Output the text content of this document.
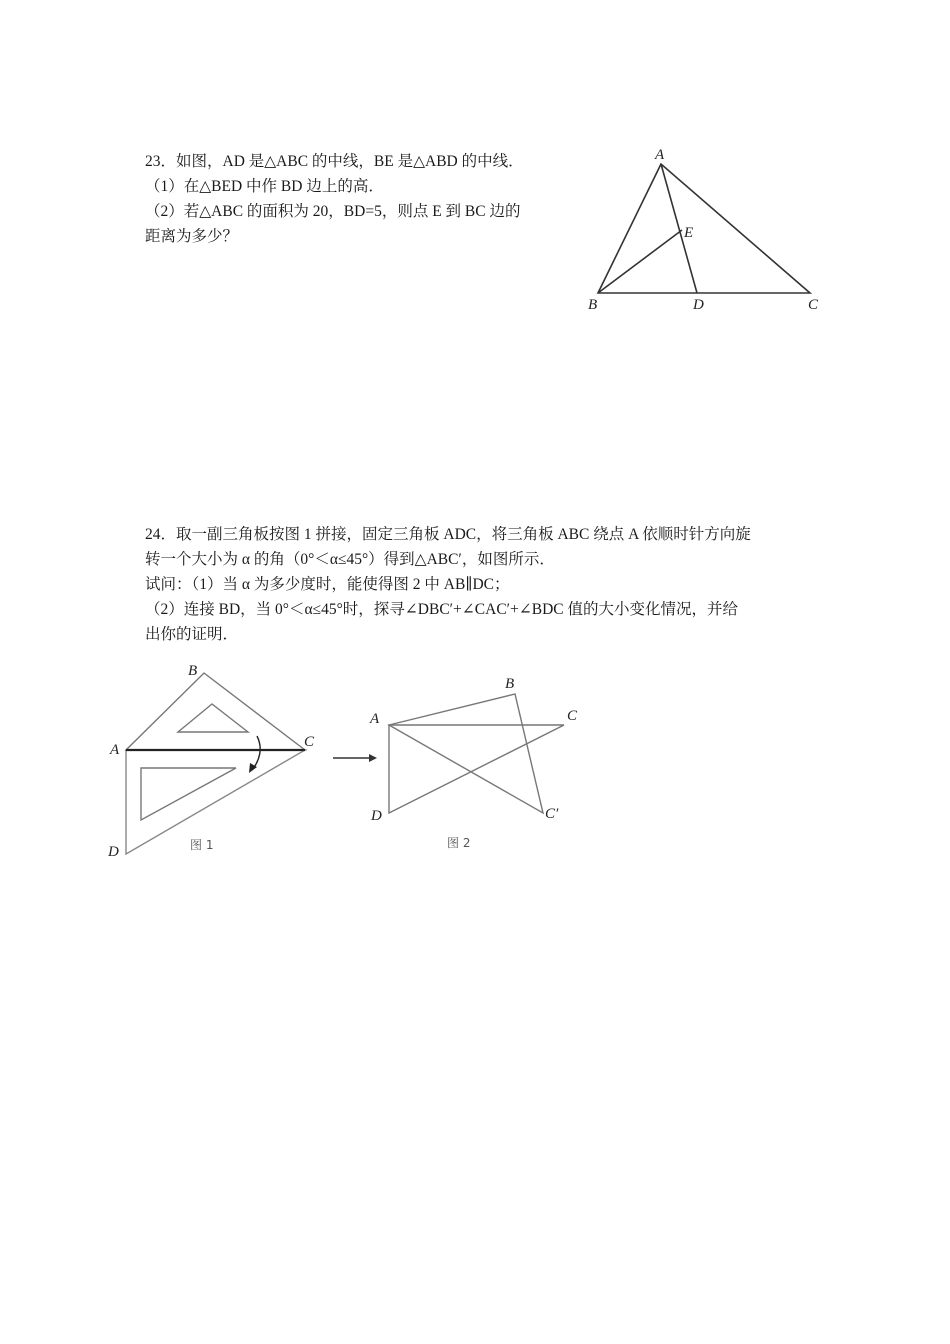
23．如图，AD 是△ABC 的中线，BE 是△ABD 的中线．
（1）在△BED 中作 BD 边上的高．
（2）若△ABC 的面积为 20，BD=5，则点 E 到 BC 边的
距离为多少？
A
B	D	C
E
24．取一副三角板按图 1 拼接，固定三角板 ADC，将三角板 ABC 绕点 A 依顺时针方向旋
转一个大小为 α 的角（0°＜α≤45°）得到△ABC′，如图所示．
试问：（1）当 α 为多少度时，能使得图 2 中 AB∥DC；
（2）连接 BD，当 0°＜α≤45°时，探寻∠DBC′+∠CAC′+∠BDC 值的大小变化情况，并给
出你的证明．
A
B
C
D	图 1
A
B
C
C′
D
图 2
